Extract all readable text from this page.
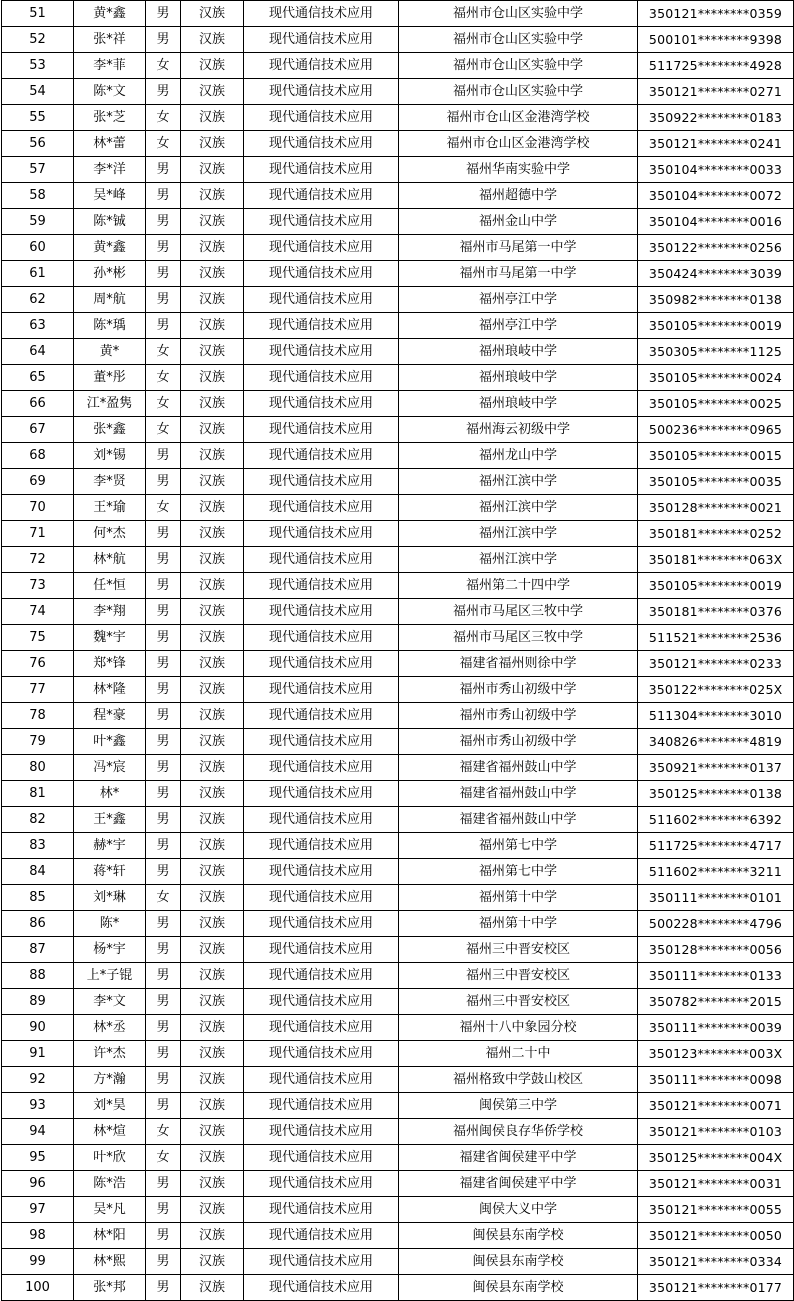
51	黄*鑫	男	汉族	现代通信技术应用	福州市仓山区实验中学	350121********0359
52	张*祥	男	汉族	现代通信技术应用	福州市仓山区实验中学	500101********9398
53	李*菲	女	汉族	现代通信技术应用	福州市仓山区实验中学	511725********4928
54	陈*文	男	汉族	现代通信技术应用	福州市仓山区实验中学	350121********0271
55	张*芝	女	汉族	现代通信技术应用	福州市仓山区金港湾学校	350922********0183
56	林*蕾	女	汉族	现代通信技术应用	福州市仓山区金港湾学校	350121********0241
57	李*洋	男	汉族	现代通信技术应用	福州华南实验中学	350104********0033
58	吴*峰	男	汉族	现代通信技术应用	福州超德中学	350104********0072
59	陈*铖	男	汉族	现代通信技术应用	福州金山中学	350104********0016
60	黄*鑫	男	汉族	现代通信技术应用	福州市马尾第一中学	350122********0256
61	孙*彬	男	汉族	现代通信技术应用	福州市马尾第一中学	350424********3039
62	周*航	男	汉族	现代通信技术应用	福州亭江中学	350982********0138
63	陈*瑀	男	汉族	现代通信技术应用	福州亭江中学	350105********0019
64	黄*	女	汉族	现代通信技术应用	福州琅岐中学	350305********1125
65	董*彤	女	汉族	现代通信技术应用	福州琅岐中学	350105********0024
66	江*盈隽	女	汉族	现代通信技术应用	福州琅岐中学	350105********0025
67	张*鑫	女	汉族	现代通信技术应用	福州海云初级中学	500236********0965
68	刘*锡	男	汉族	现代通信技术应用	福州龙山中学	350105********0015
69	李*贤	男	汉族	现代通信技术应用	福州江滨中学	350105********0035
70	王*瑜	女	汉族	现代通信技术应用	福州江滨中学	350128********0021
71	何*杰	男	汉族	现代通信技术应用	福州江滨中学	350181********0252
72	林*航	男	汉族	现代通信技术应用	福州江滨中学	350181********063X
73	任*恒	男	汉族	现代通信技术应用	福州第二十四中学	350105********0019
74	李*翔	男	汉族	现代通信技术应用	福州市马尾区三牧中学	350181********0376
75	魏*宇	男	汉族	现代通信技术应用	福州市马尾区三牧中学	511521********2536
76	郑*锋	男	汉族	现代通信技术应用	福建省福州则徐中学	350121********0233
77	林*隆	男	汉族	现代通信技术应用	福州市秀山初级中学	350122********025X
78	程*豪	男	汉族	现代通信技术应用	福州市秀山初级中学	511304********3010
79	叶*鑫	男	汉族	现代通信技术应用	福州市秀山初级中学	340826********4819
80	冯*宸	男	汉族	现代通信技术应用	福建省福州鼓山中学	350921********0137
81	林*	男	汉族	现代通信技术应用	福建省福州鼓山中学	350125********0138
82	王*鑫	男	汉族	现代通信技术应用	福建省福州鼓山中学	511602********6392
83	赫*宇	男	汉族	现代通信技术应用	福州第七中学	511725********4717
84	蒋*轩	男	汉族	现代通信技术应用	福州第七中学	511602********3211
85	刘*琳	女	汉族	现代通信技术应用	福州第十中学	350111********0101
86	陈*	男	汉族	现代通信技术应用	福州第十中学	500228********4796
87	杨*宇	男	汉族	现代通信技术应用	福州三中晋安校区	350128********0056
88	上*子锟	男	汉族	现代通信技术应用	福州三中晋安校区	350111********0133
89	李*文	男	汉族	现代通信技术应用	福州三中晋安校区	350782********2015
90	林*丞	男	汉族	现代通信技术应用	福州十八中象园分校	350111********0039
91	许*杰	男	汉族	现代通信技术应用	福州二十中	350123********003X
92	方*瀚	男	汉族	现代通信技术应用	福州格致中学鼓山校区	350111********0098
93	刘*昊	男	汉族	现代通信技术应用	闽侯第三中学	350121********0071
94	林*煊	女	汉族	现代通信技术应用	福州闽侯良存华侨学校	350121********0103
95	叶*欣	女	汉族	现代通信技术应用	福建省闽侯建平中学	350125********004X
96	陈*浩	男	汉族	现代通信技术应用	福建省闽侯建平中学	350121********0031
97	吴*凡	男	汉族	现代通信技术应用	闽侯大义中学	350121********0055
98	林*阳	男	汉族	现代通信技术应用	闽侯县东南学校	350121********0050
99	林*熙	男	汉族	现代通信技术应用	闽侯县东南学校	350121********0334
100	张*邦	男	汉族	现代通信技术应用	闽侯县东南学校	350121********0177
